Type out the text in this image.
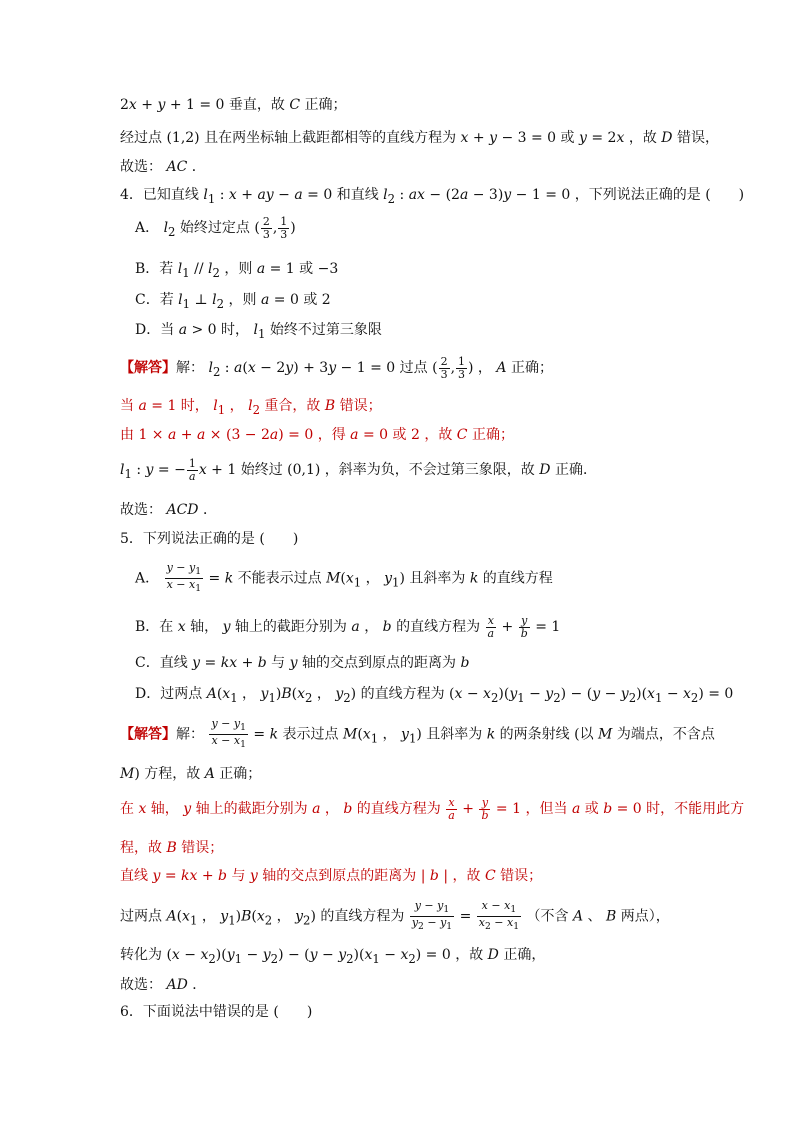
2x + y + 1 = 0 垂直，故 C 正确；
经过点 (1,2) 且在两坐标轴上截距都相等的直线方程为 x + y − 3 = 0 或 y = 2x ，故 D 错误，
故选： AC ．
4．已知直线 $l_1$ : x + ay − a = 0 和直线 $l_2$ : ax − (2a − 3)y − 1 = 0 ，下列说法正确的是 (　　)
A． $l_2$ 始终过定点 ( $\frac{2}{3}$ , $\frac{1}{3}$ )
B．若 $l_1 // l_2$ ，则 a = 1 或 −3
C．若 $l_1$ ⊥ $l_2$ ，则 a = 0 或 2
D．当 a > 0 时， $l_1$ 始终不过第三象限
【解答】解： $l_2$ : a(x − 2y) + 3y − 1 = 0 过点 ( $\frac{2}{3}$ , $\frac{1}{3}$ ) ， A 正确；
当 a = 1 时， $l_1$ ， $l_2$ 重合，故 B 错误；
由 1 × a + a × (3 − 2a) = 0 ，得 a = 0 或 2 ，故 C 正确；
$l_1$ : y = − $\frac{1}{a}$ x + 1 始终过 (0,1) ，斜率为负，不会过第三象限，故 D 正确．
故选： ACD ．
5．下列说法正确的是 (　　)
A． $\frac{y - y_1}{x - x_1} = k$ 不能表示过点 $M(x_1$ ， $y_1$) 且斜率为 k 的直线方程
B．在 x 轴， y 轴上的截距分别为 a ， b 的直线方程为 $\frac{x}{a} + \frac{y}{b} = 1$
C．直线 y = kx + b 与 y 轴的交点到原点的距离为 b
D．过两点 $A(x_1$ ， $y_1)B(x_2$ ， $y_2$) 的直线方程为 $(x - x_2)(y_1 - y_2) - (y - y_2)(x_1 - x_2) = 0$
【解答】解： $\frac{y - y_1}{x - x_1} = k$ 表示过点 $M(x_1$ ， $y_1$) 且斜率为 k 的两条射线 (以 M 为端点，不含点
M) 方程，故 A 正确；
在 x 轴， y 轴上的截距分别为 a ， b 的直线方程为 $\frac{x}{a} + \frac{y}{b} = 1$ ，但当 a 或 b = 0 时，不能用此方
程，故 B 错误；
直线 y = kx + b 与 y 轴的交点到原点的距离为 | b | ，故 C 错误；
过两点 $A(x_1$ ， $y_1)B(x_2$ ， $y_2$) 的直线方程为 $\frac{y - y_1}{y_2 - y_1} = \frac{x - x_1}{x_2 - x_1}$ （不含 A 、 B 两点），
转化为 $(x - x_2)(y_1 - y_2) - (y - y_2)(x_1 - x_2) = 0$ ，故 D 正确，
故选： AD ．
6．下面说法中错误的是 (　　)
